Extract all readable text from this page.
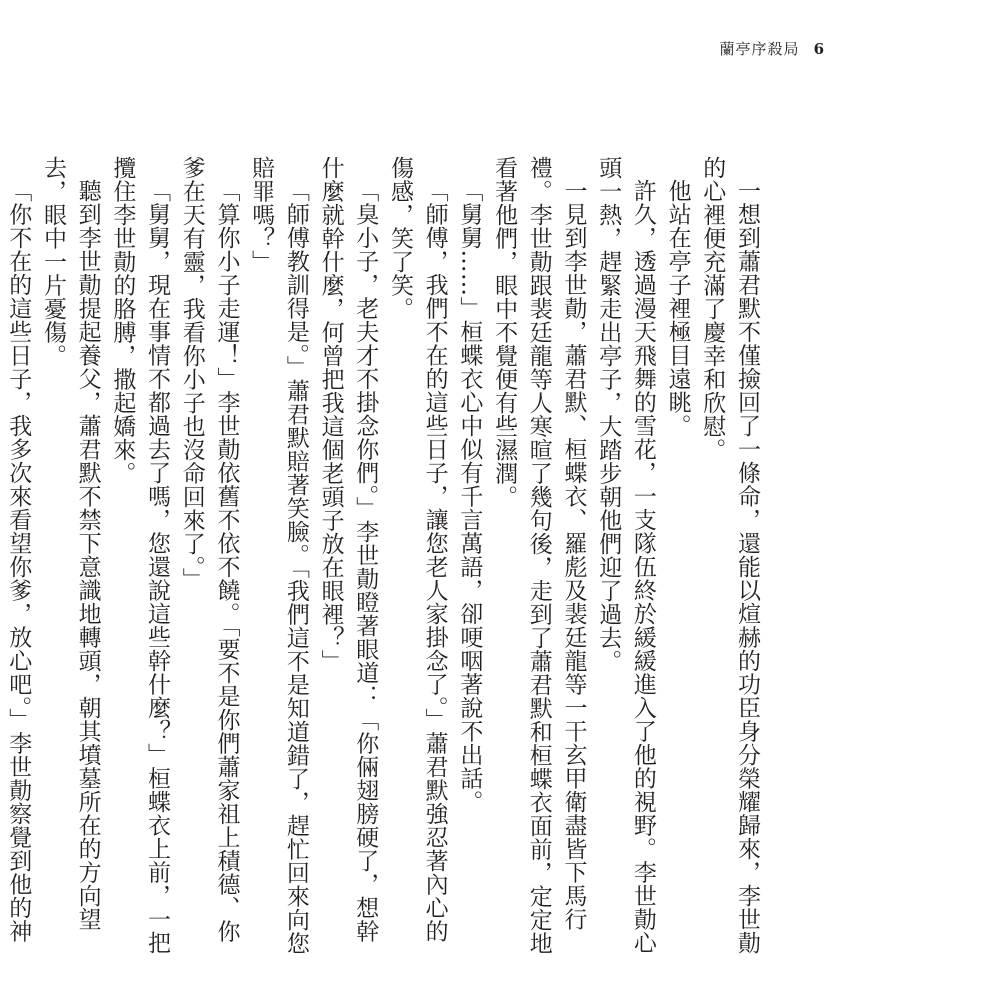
蘭亭序殺局 6

一想到蕭君默不僅撿回了一條命，還能以煊赫的功臣身分榮耀歸來，李世勣的心裡便充滿了慶幸和欣慰。

他站在亭子裡極目遠眺。

許久，透過漫天飛舞的雪花，一支隊伍終於緩緩進入了他的視野。李世勣心頭一熱，趕緊走出亭子，大踏步朝他們迎了過去。

一見到李世勣，蕭君默、桓蝶衣、羅彪及裴廷龍等一干玄甲衛盡皆下馬行禮。李世勣跟裴廷龍等人寒暄了幾句後，走到了蕭君默和桓蝶衣面前，定定地看著他們，眼中不覺便有些濕潤。

「舅舅……」桓蝶衣心中似有千言萬語，卻哽咽著說不出話。

「師傅，我們不在的這些日子，讓您老人家掛念了。」蕭君默強忍著內心的傷感，笑了笑。

「臭小子，老夫才不掛念你們。」李世勣瞪著眼道：「你倆翅膀硬了，想幹什麼就幹什麼，何曾把我這個老頭子放在眼裡？」

「師傅教訓得是。」蕭君默賠著笑臉。「我們這不是知道錯了，趕忙回來向您賠罪嗎？」

「算你小子走運！」李世勣依舊不依不饒。「要不是你們蕭家祖上積德、你爹在天有靈，我看你小子也沒命回來了。」

「舅舅，現在事情不都過去了嗎，您還說這些幹什麼？」桓蝶衣上前，一把攬住李世勣的胳膊，撒起嬌來。

聽到李世勣提起養父，蕭君默不禁下意識地轉頭，朝其墳墓所在的方向望去，眼中一片憂傷。

「你不在的這些日子，我多次來看望你爹，放心吧。」李世勣察覺到他的神
